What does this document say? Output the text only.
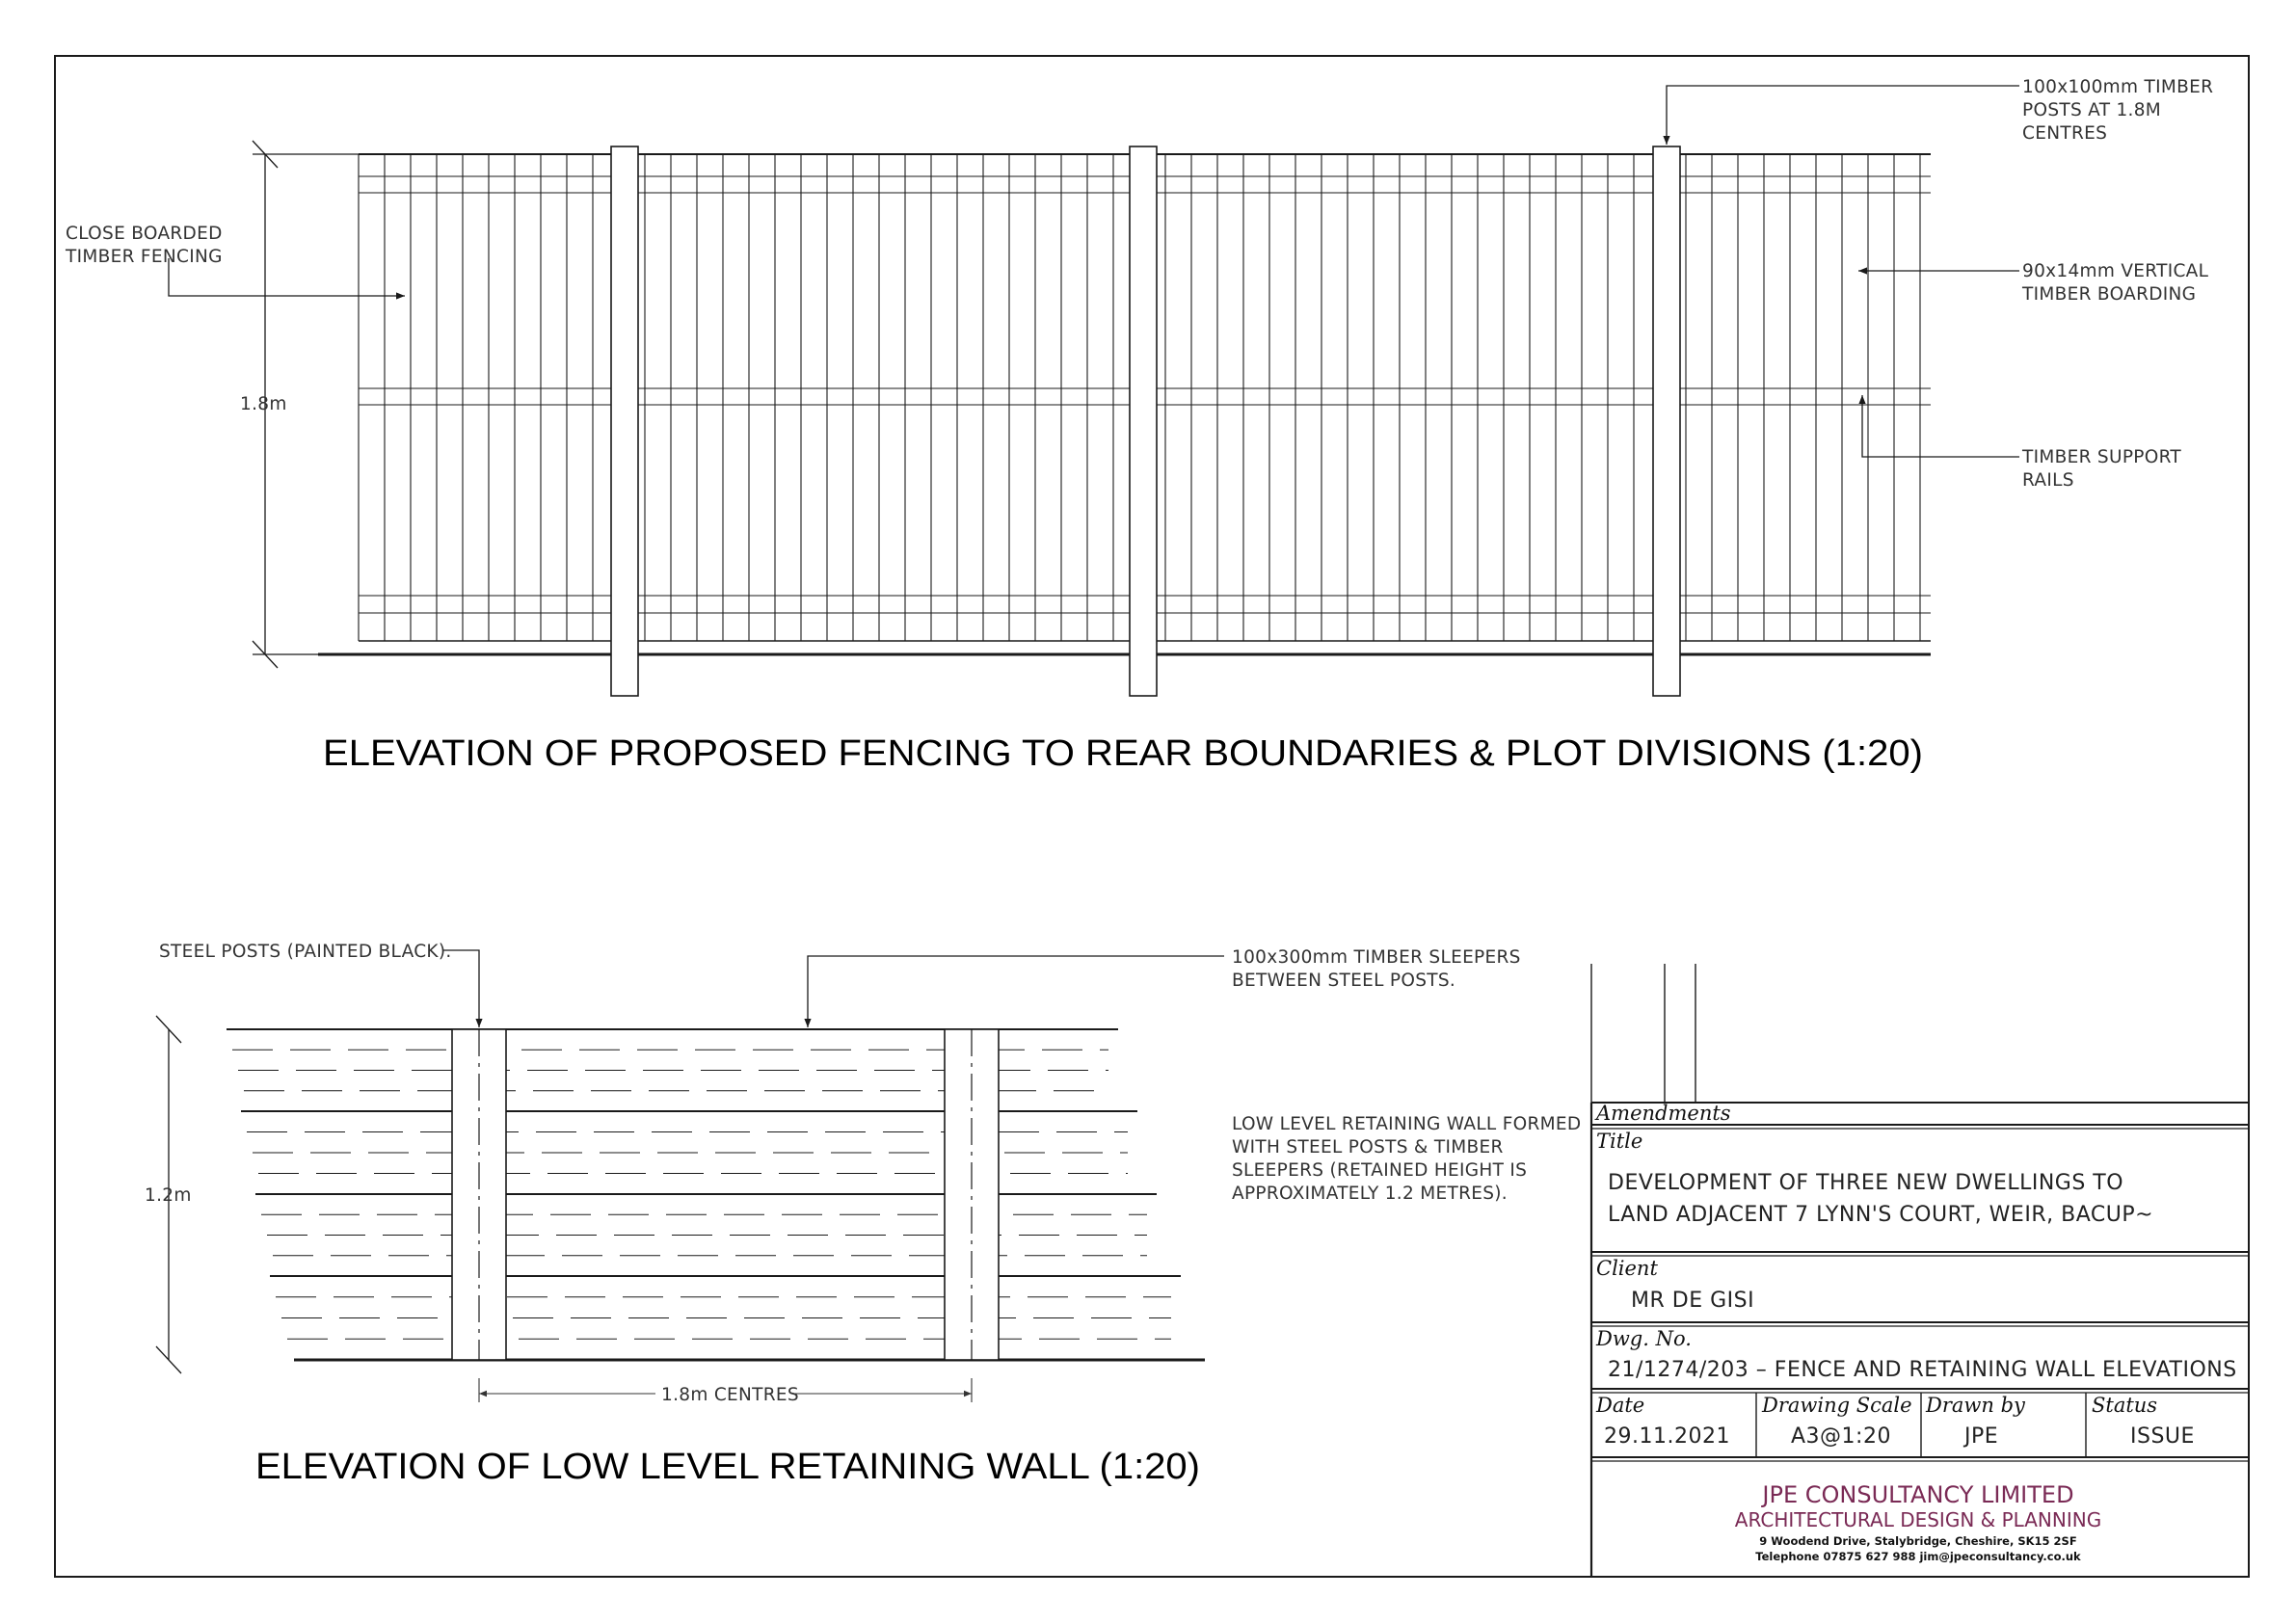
1.8m
CLOSE BOARDED
TIMBER FENCING
100x100mm TIMBER
POSTS AT 1.8M
CENTRES
90x14mm VERTICAL
TIMBER BOARDING
TIMBER SUPPORT
RAILS
ELEVATION OF PROPOSED FENCING TO REAR BOUNDARIES & PLOT DIVISIONS (1:20)
1.2m
1.8m CENTRES
STEEL POSTS (PAINTED BLACK).	100x300mm TIMBER SLEEPERS
BETWEEN STEEL POSTS.
LOW LEVEL RETAINING WALL FORMED
WITH STEEL POSTS & TIMBER
SLEEPERS (RETAINED HEIGHT IS
APPROXIMATELY 1.2 METRES).
ELEVATION OF LOW LEVEL RETAINING WALL (1:20)
Amendments
Title
DEVELOPMENT OF THREE NEW DWELLINGS TO
LAND ADJACENT 7 LYNN'S COURT, WEIR, BACUP~
Client
MR DE GISI
Dwg. No.
21/1274/203 – FENCE AND RETAINING WALL ELEVATIONS
Date
29.11.2021
Drawing Scale
A3@1:20
Drawn by
JPE
Status
ISSUE
JPE CONSULTANCY LIMITED
ARCHITECTURAL DESIGN & PLANNING
9 Woodend Drive, Stalybridge, Cheshire, SK15 2SF
Telephone 07875 627 988 jim@jpeconsultancy.co.uk
